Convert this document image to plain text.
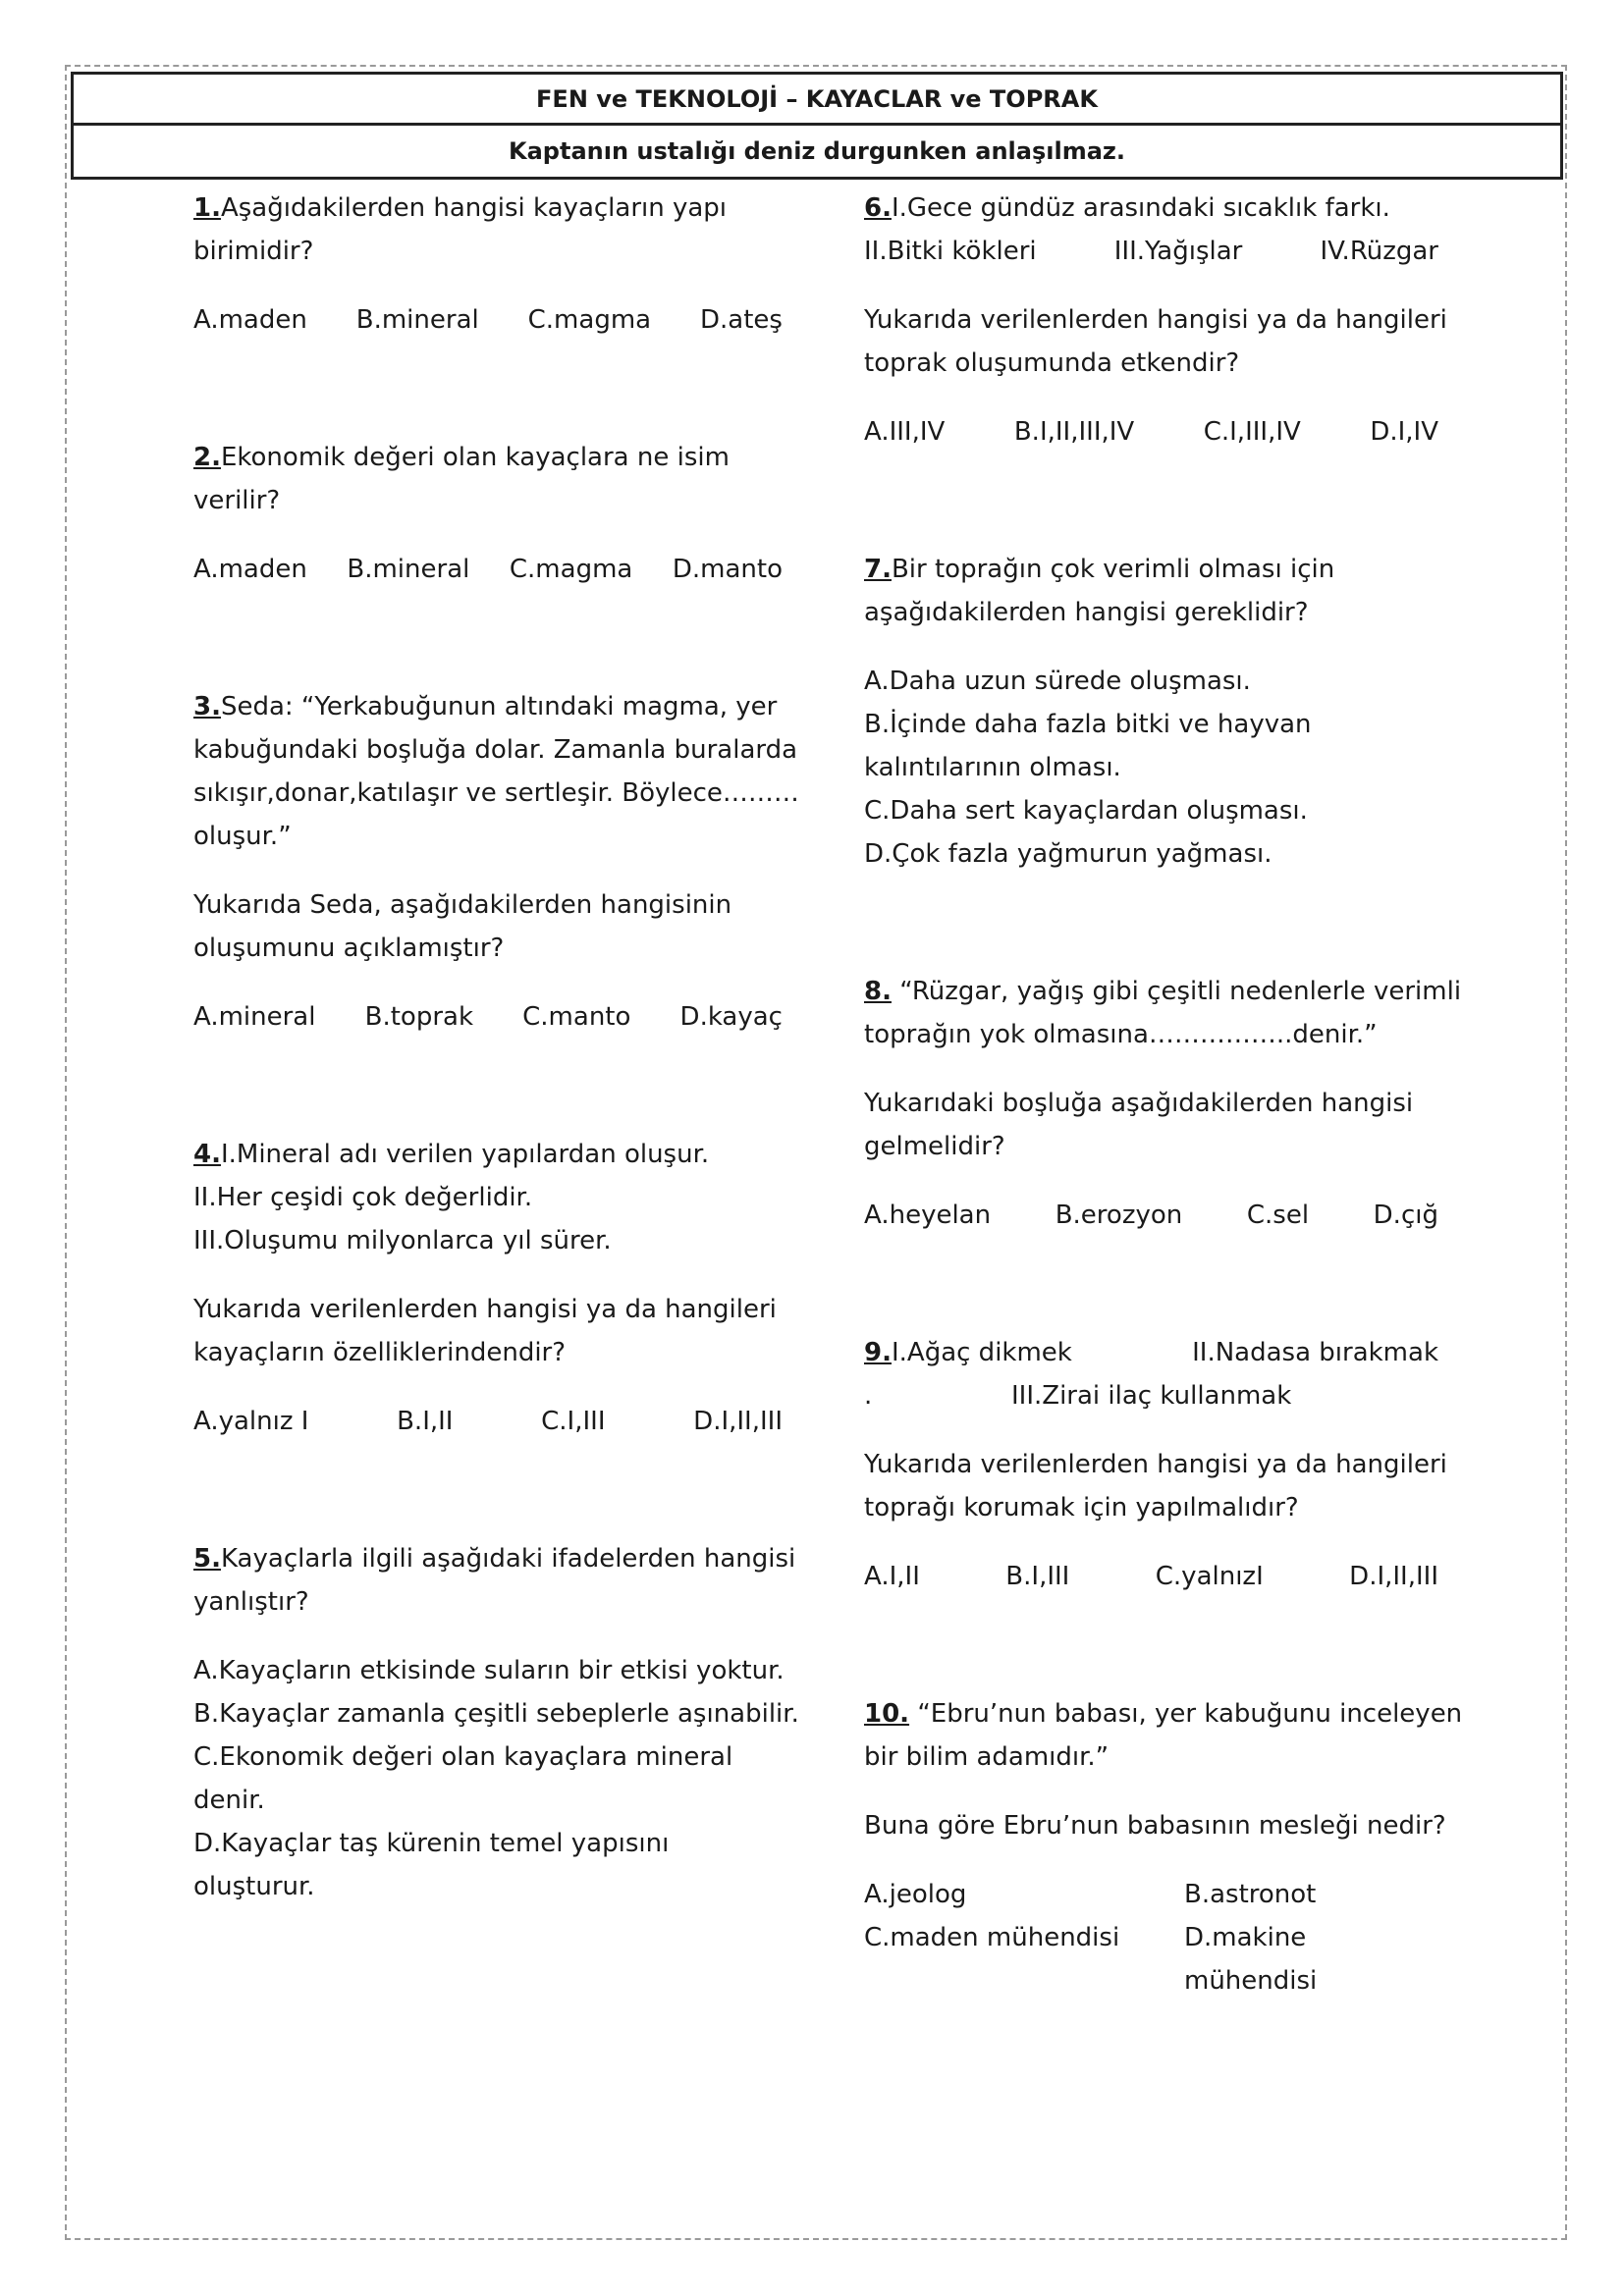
FEN ve TEKNOLOJİ – KAYACLAR ve TOPRAK
Kaptanın ustalığı deniz durgunken anlaşılmaz.
1.Aşağıdakilerden hangisi kayaçların yapı
birimidir?
A.maden B.mineral C.magma D.ateş
2.Ekonomik değeri olan kayaçlara ne isim
verilir?
A.maden B.mineral C.magma D.manto
3.Seda: “Yerkabuğunun altındaki magma, yer
kabuğundaki boşluğa dolar. Zamanla buralarda
sıkışır,donar,katılaşır ve sertleşir. Böylece………
oluşur.”
Yukarıda Seda, aşağıdakilerden hangisinin
oluşumunu açıklamıştır?
A.mineral B.toprak C.manto D.kayaç
4.I.Mineral adı verilen yapılardan oluşur.
II.Her çeşidi çok değerlidir.
III.Oluşumu milyonlarca yıl sürer.
Yukarıda verilenlerden hangisi ya da hangileri
kayaçların özelliklerindendir?
A.yalnız I	B.I,II	C.I,III	D.I,II,III
5.Kayaçlarla ilgili aşağıdaki ifadelerden hangisi
yanlıştır?
A.Kayaçların etkisinde suların bir etkisi yoktur.
B.Kayaçlar zamanla çeşitli sebeplerle aşınabilir.
C.Ekonomik değeri olan kayaçlara mineral
denir.
D.Kayaçlar taş kürenin temel yapısını
oluşturur.
6.I.Gece gündüz arasındaki sıcaklık farkı.
II.Bitki kökleri	III.Yağışlar	IV.Rüzgar
Yukarıda verilenlerden hangisi ya da hangileri
toprak oluşumunda etkendir?
A.III,IV	B.I,II,III,IV	C.I,III,IV	D.I,IV
7.Bir toprağın çok verimli olması için
aşağıdakilerden hangisi gereklidir?
A.Daha uzun sürede oluşması.
B.İçinde daha fazla bitki ve hayvan
kalıntılarının olması.
C.Daha sert kayaçlardan oluşması.
D.Çok fazla yağmurun yağması.
8. “Rüzgar, yağış gibi çeşitli nedenlerle verimli
toprağın yok olmasına……………..denir.”
Yukarıdaki boşluğa aşağıdakilerden hangisi
gelmelidir?
A.heyelan	B.erozyon	C.sel	D.çığ
9.I.Ağaç dikmek	II.Nadasa bırakmak
.	III.Zirai ilaç kullanmak
Yukarıda verilenlerden hangisi ya da hangileri
toprağı korumak için yapılmalıdır?
A.I,II	B.I,III	C.yalnızI	D.I,II,III
10. “Ebru’nun babası, yer kabuğunu inceleyen
bir bilim adamıdır.”
Buna göre Ebru’nun babasının mesleği nedir?
A.jeolog	B.astronot
C.maden mühendisi	D.makine mühendisi
